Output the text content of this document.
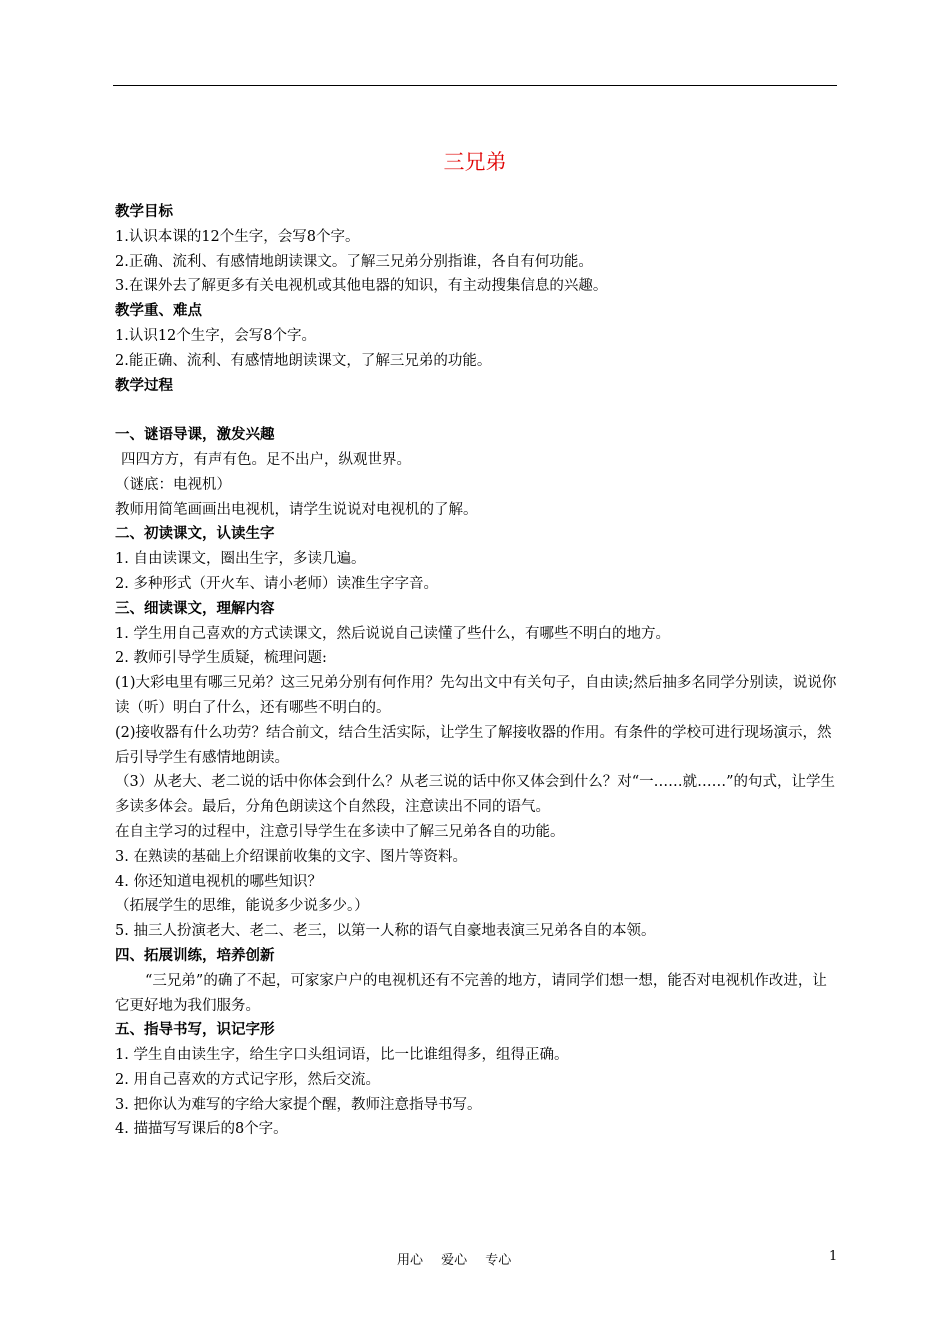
三兄弟

教学目标

1.认识本课的12个生字，会写8个字。

2.正确、流利、有感情地朗读课文。了解三兄弟分别指谁，各自有何功能。

3.在课外去了解更多有关电视机或其他电器的知识，有主动搜集信息的兴趣。

教学重、难点

1.认识12个生字，会写8个字。

2.能正确、流利、有感情地朗读课文，了解三兄弟的功能。

教学过程

一、谜语导课，激发兴趣

四四方方，有声有色。足不出户，纵观世界。

（谜底：电视机）

教师用简笔画画出电视机，请学生说说对电视机的了解。

二、初读课文，认读生字

1. 自由读课文，圈出生字，多读几遍。

2. 多种形式（开火车、请小老师）读准生字字音。

三、细读课文，理解内容

1. 学生用自己喜欢的方式读课文，然后说说自己读懂了些什么，有哪些不明白的地方。

2. 教师引导学生质疑，梳理问题:

(1)大彩电里有哪三兄弟？这三兄弟分别有何作用？先勾出文中有关句子，自由读;然后抽多名同学分别读，说说你读（听）明白了什么，还有哪些不明白的。

(2)接收器有什么功劳？结合前文，结合生活实际，让学生了解接收器的作用。有条件的学校可进行现场演示，然后引导学生有感情地朗读。

（3）从老大、老二说的话中你体会到什么？从老三说的话中你又体会到什么？对“一……就……”的句式，让学生多读多体会。最后，分角色朗读这个自然段，注意读出不同的语气。

在自主学习的过程中，注意引导学生在多读中了解三兄弟各自的功能。

3. 在熟读的基础上介绍课前收集的文字、图片等资料。

4. 你还知道电视机的哪些知识？

（拓展学生的思维，能说多少说多少。）

5. 抽三人扮演老大、老二、老三，以第一人称的语气自豪地表演三兄弟各自的本领。

四、拓展训练，培养创新

“三兄弟”的确了不起，可家家户户的电视机还有不完善的地方，请同学们想一想，能否对电视机作改进，让它更好地为我们服务。

五、指导书写，识记字形

1. 学生自由读生字，给生字口头组词语，比一比谁组得多，组得正确。

2. 用自己喜欢的方式记字形，然后交流。

3. 把你认为难写的字给大家提个醒，教师注意指导书写。

4. 描描写写课后的8个字。

用心 爱心 专心	1
